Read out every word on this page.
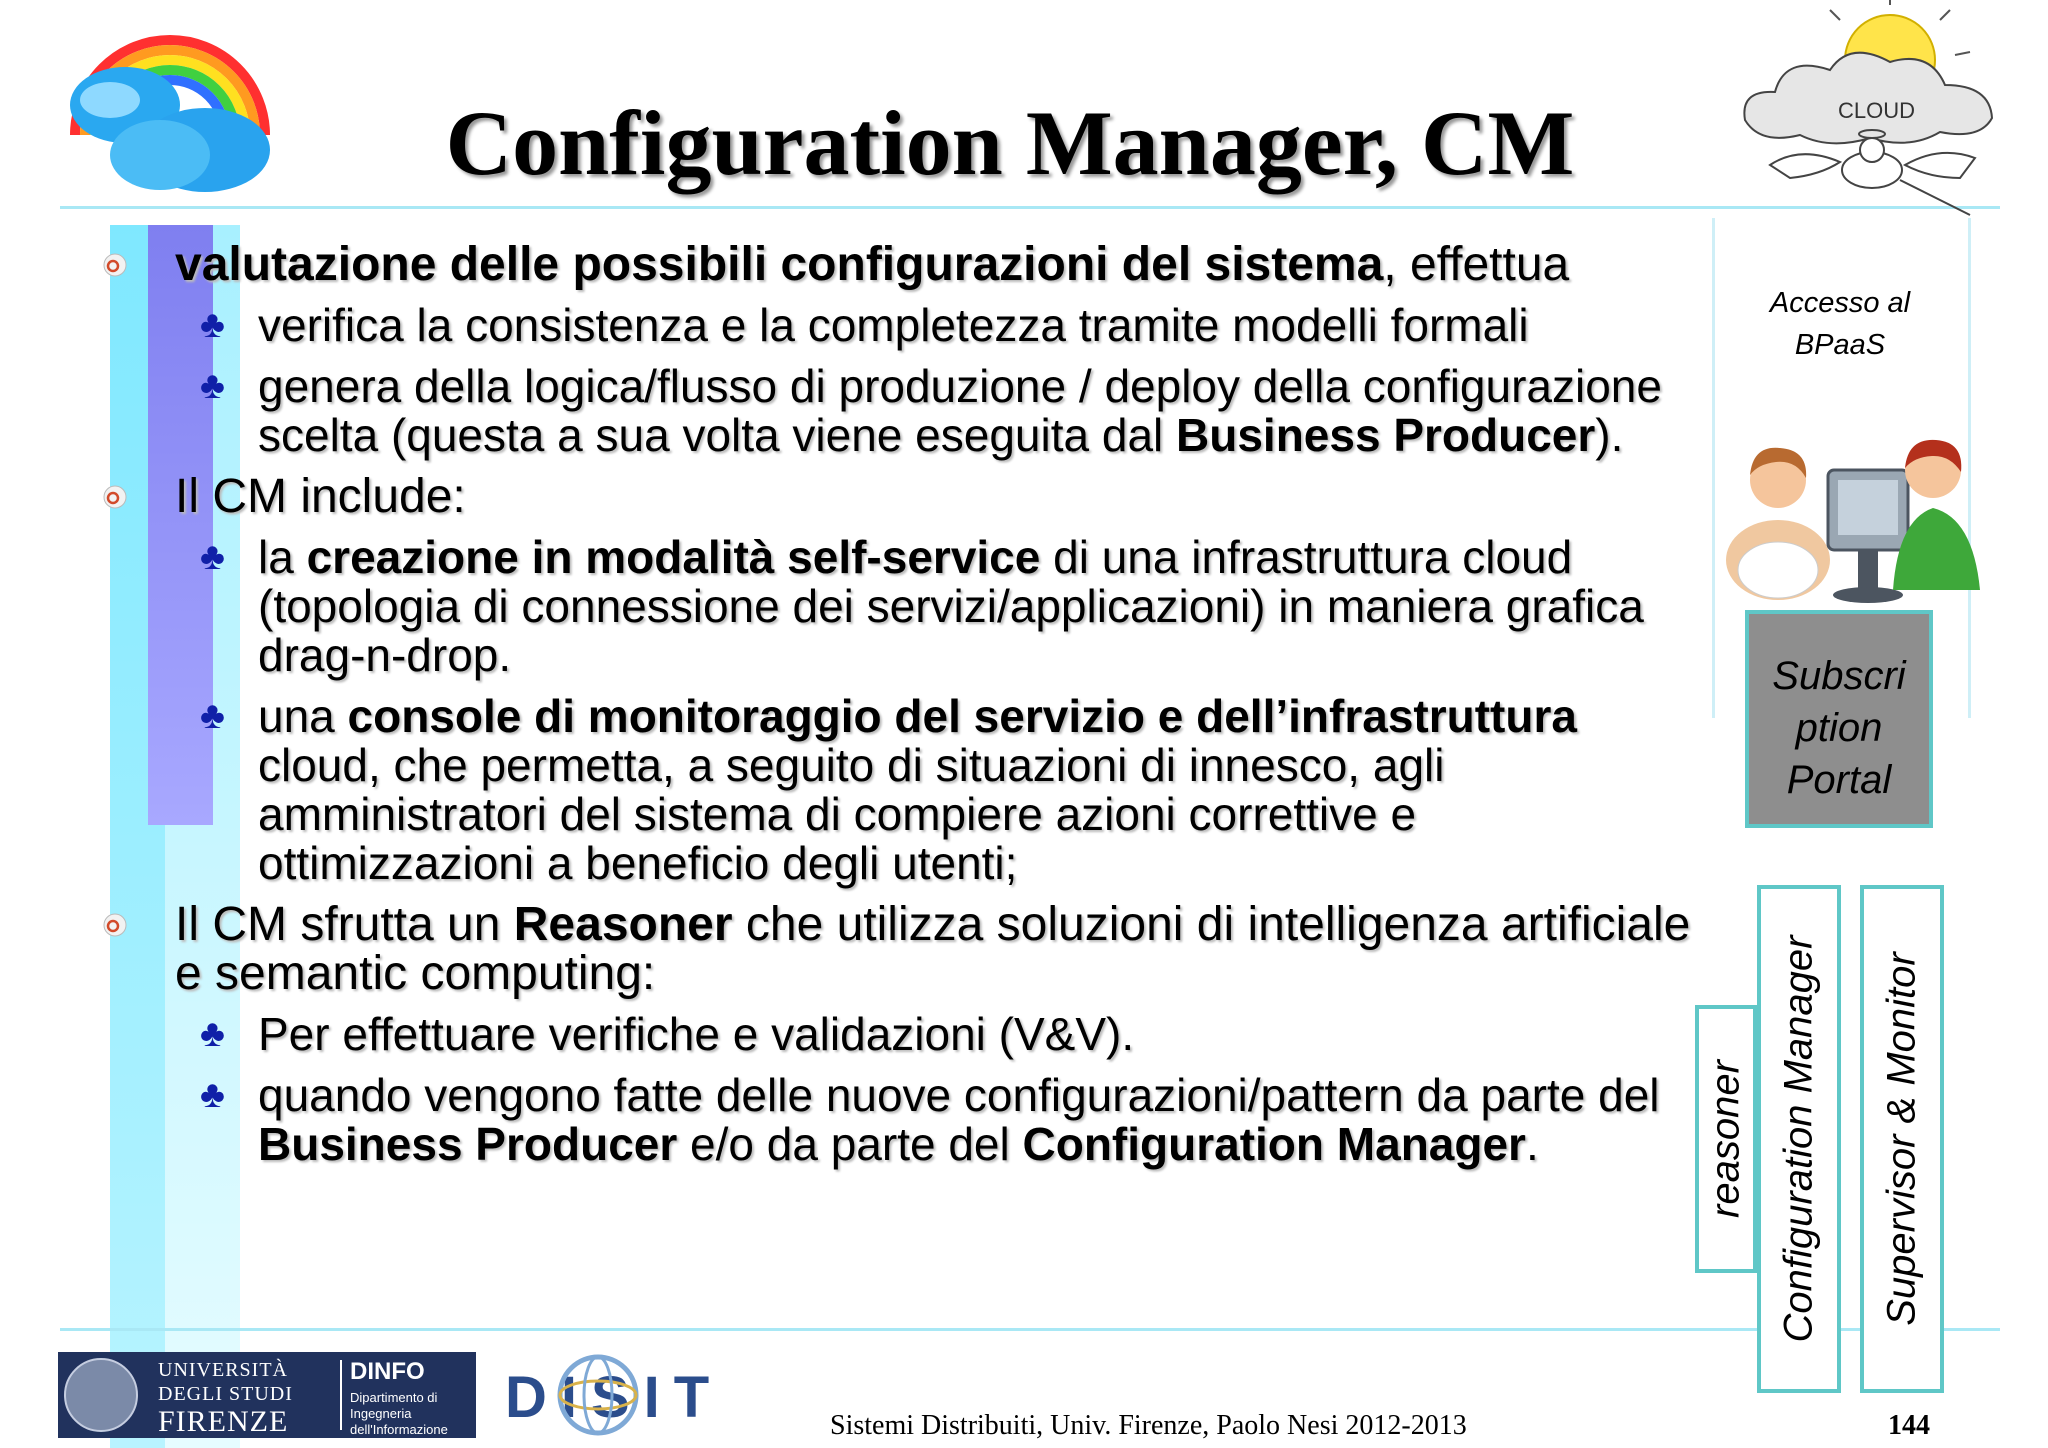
Configuration Manager, CM	CLOUD
valutazione delle possibili configurazioni del sistema, effettua
♣ verifica la consistenza e la completezza tramite modelli formali
♣ genera della logica/flusso di produzione / deploy della configurazione scelta (questa a sua volta viene eseguita dal Business Producer).
Il CM include:
♣ la creazione in modalità self-service di una infrastruttura cloud (topologia di connessione dei servizi/applicazioni) in maniera grafica drag-n-drop.
♣ una console di monitoraggio del servizio e dell’infrastruttura cloud, che permetta, a seguito di situazioni di innesco, agli amministratori del sistema di compiere azioni correttive e ottimizzazioni a beneficio degli utenti;
Il CM sfrutta un Reasoner che utilizza soluzioni di intelligenza artificiale e semantic computing:
♣ Per effettuare verifiche e validazioni (V&V).
♣ quando vengono fatte delle nuove configurazioni/pattern da parte del Business Producer e/o da parte del Configuration Manager.
Accesso al
BPaaS
Subscri
ption
Portal
reasoner Configuration Manager Supervisor & Monitor
UNIVERSITÀ
DEGLI STUDI
FIRENZE
DINFO
Dipartimento di
Ingegneria dell'Informazione DISIT	Sistemi Distribuiti, Univ. Firenze, Paolo Nesi 2012-2013	144
